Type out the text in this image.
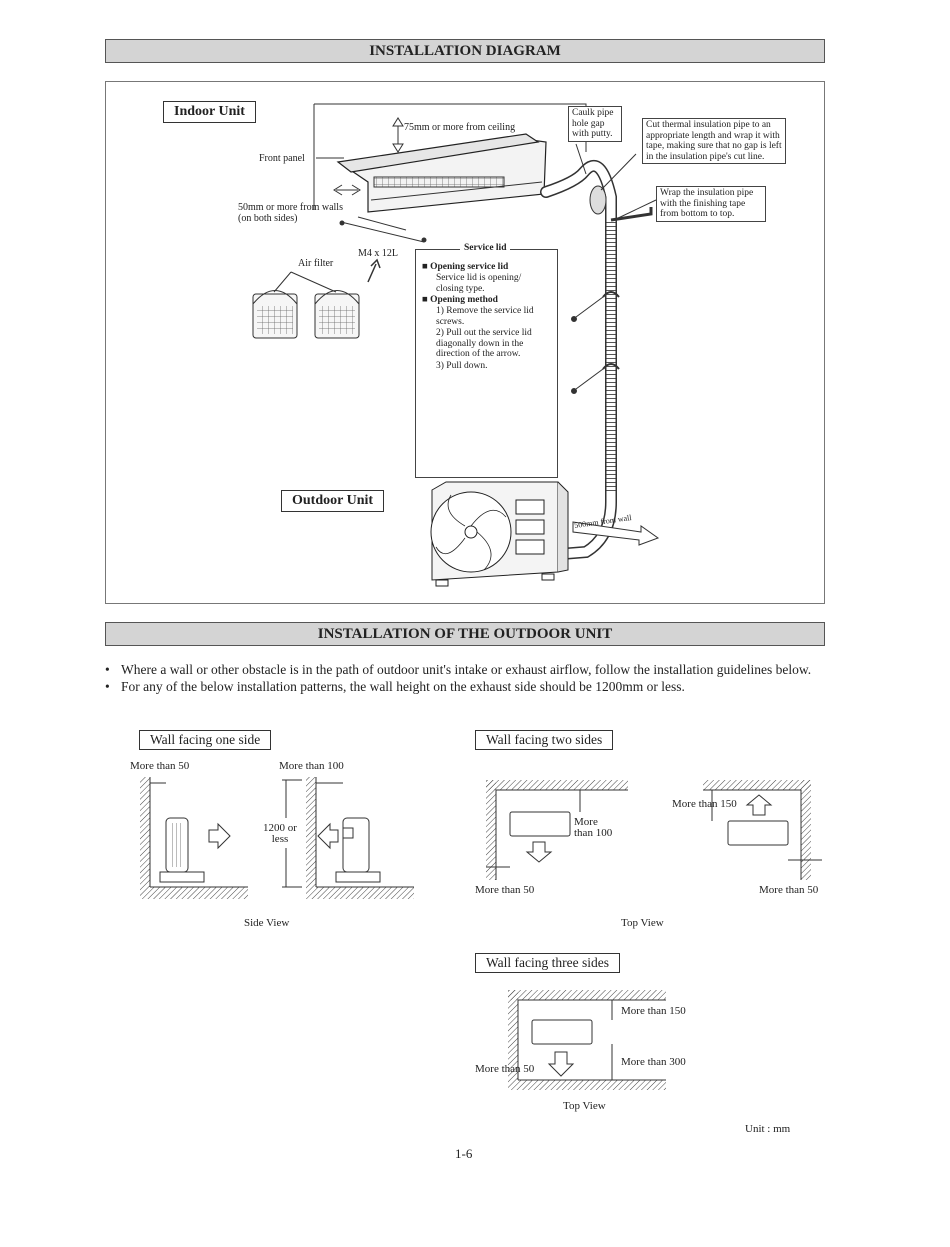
INSTALLATION DIAGRAM
Indoor Unit
Outdoor Unit
75mm or more from ceiling
Front panel
50mm or more from walls
(on both sides)
M4 x 12L
Air filter
Caulk pipe hole gap with putty.
Cut thermal insulation pipe to an appropriate length and wrap it with tape, making sure that no gap is left in the insulation pipe's cut line.
Wrap the insulation pipe with the finishing tape from bottom to top.
500mm from wall
Service lid
■ Opening service lid
Service lid is opening/ closing type.
■ Opening method
1) Remove the service lid screws.
2) Pull out the service lid diagonally down in the direction of the arrow.
3) Pull down.
INSTALLATION OF THE OUTDOOR UNIT
• Where a wall or other obstacle is in the path of outdoor unit's intake or exhaust airflow, follow the installation guidelines below.
• For any of the below installation patterns, the wall height on the exhaust side should be 1200mm or less.
Wall facing one side	Wall facing two sides
Wall facing three sides
More than 50	More than 100
1200 or
less
Side View
More
than 100
More than 150
More than 50	More than 50
Top View
More than 150
More than 300
More than 50
Top View
Unit : mm
1-6
